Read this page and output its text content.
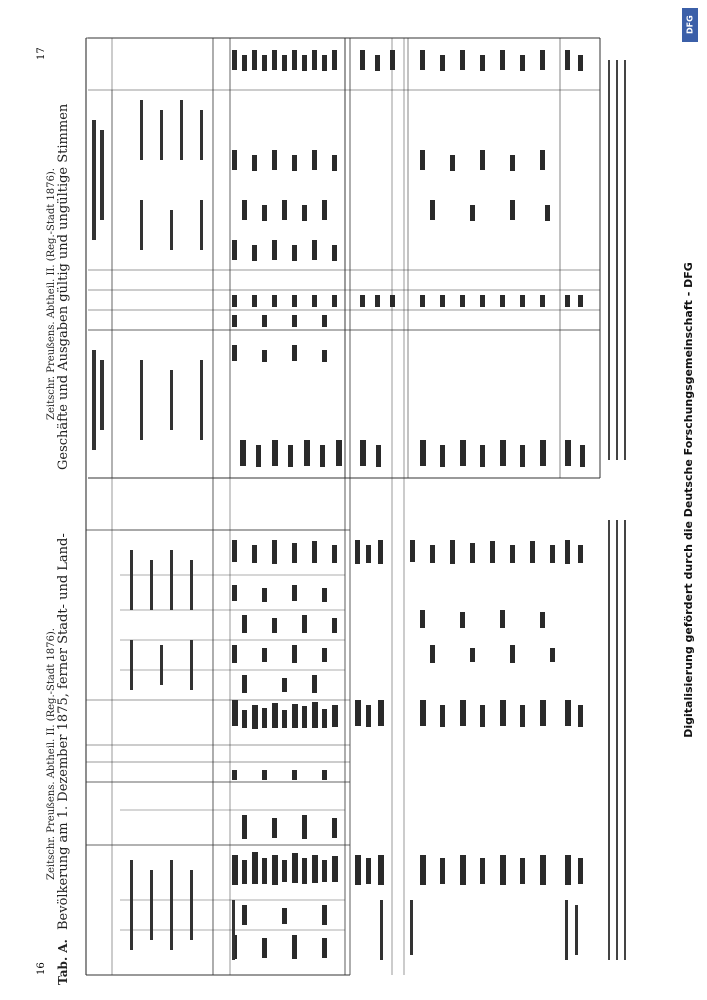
16
17
Zeitschr. Preußens. Abtheil. II. (Reg.-Stadt 1876).
Zeitschr. Preußens. Abtheil. II. (Reg.-Stadt 1876).
Bevölkerung am 1. Dezember 1875, ferner Stadt- und Land-
Geschäfte und Ausgaben gültig und ungültige Stimmen
Tab. A.
Digitalisierung gefördert durch die Deutsche Forschungsgemeinschaft - DFG
DFG
